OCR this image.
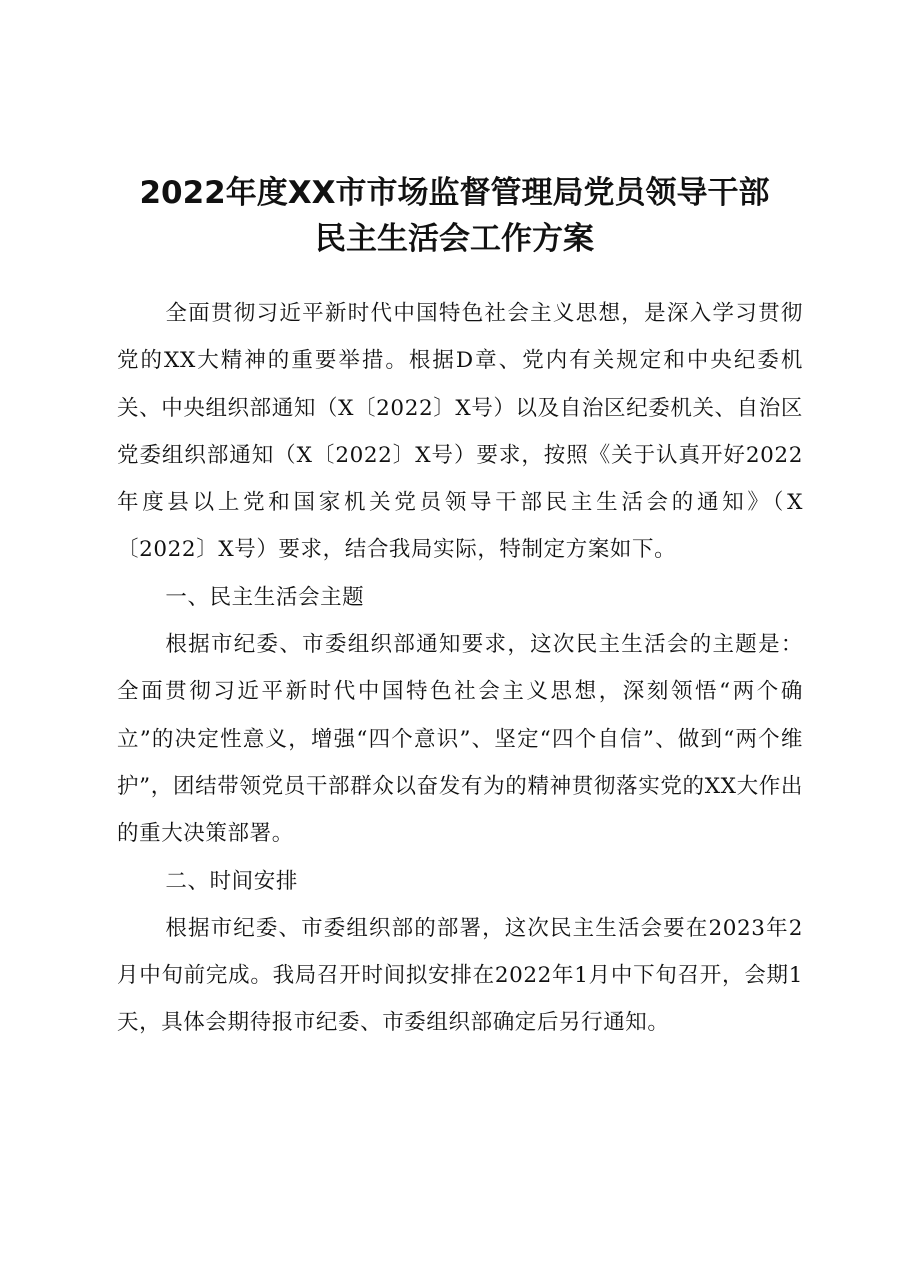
2022年度XX市市场监督管理局党员领导干部
民主生活会工作方案

全面贯彻习近平新时代中国特色社会主义思想，是深入学习贯彻党的XX大精神的重要举措。根据D章、党内有关规定和中央纪委机关、中央组织部通知（X〔2022〕X号）以及自治区纪委机关、自治区党委组织部通知（X〔2022〕X号）要求，按照《关于认真开好2022年度县以上党和国家机关党员领导干部民主生活会的通知》（X〔2022〕X号）要求，结合我局实际，特制定方案如下。

一、民主生活会主题

根据市纪委、市委组织部通知要求，这次民主生活会的主题是：全面贯彻习近平新时代中国特色社会主义思想，深刻领悟“两个确立”的决定性意义，增强“四个意识”、坚定“四个自信”、做到“两个维护”，团结带领党员干部群众以奋发有为的精神贯彻落实党的XX大作出的重大决策部署。

二、时间安排

根据市纪委、市委组织部的部署，这次民主生活会要在2023年2月中旬前完成。我局召开时间拟安排在2022年1月中下旬召开，会期1天，具体会期待报市纪委、市委组织部确定后另行通知。
